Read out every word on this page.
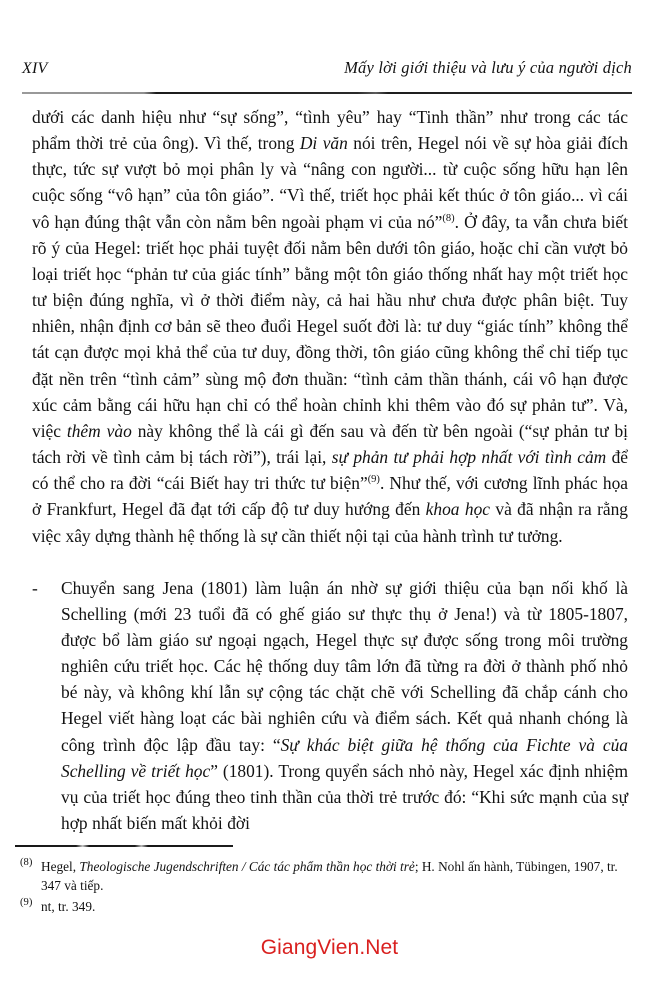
XIV	Mấy lời giới thiệu và lưu ý của người dịch

dưới các danh hiệu như “sự sống”, “tình yêu” hay “Tinh thần” như trong các tác phẩm thời trẻ của ông). Vì thế, trong Di văn nói trên, Hegel nói về sự hòa giải đích thực, tức sự vượt bỏ mọi phân ly và “nâng con người... từ cuộc sống hữu hạn lên cuộc sống “vô hạn” của tôn giáo”. “Vì thế, triết học phải kết thúc ở tôn giáo... vì cái vô hạn đúng thật vẫn còn nằm bên ngoài phạm vi của nó”$^{(8)}$. Ở đây, ta vẫn chưa biết rõ ý của Hegel: triết học phải tuyệt đối nằm bên dưới tôn giáo, hoặc chỉ cần vượt bỏ loại triết học “phản tư của giác tính” bằng một tôn giáo thống nhất hay một triết học tư biện đúng nghĩa, vì ở thời điểm này, cả hai hầu như chưa được phân biệt. Tuy nhiên, nhận định cơ bản sẽ theo đuổi Hegel suốt đời là: tư duy “giác tính” không thể tát cạn được mọi khả thể của tư duy, đồng thời, tôn giáo cũng không thể chỉ tiếp tục đặt nền trên “tình cảm” sùng mộ đơn thuần: “tình cảm thần thánh, cái vô hạn được xúc cảm bằng cái hữu hạn chỉ có thể hoàn chỉnh khi thêm vào đó sự phản tư”. Và, việc thêm vào này không thể là cái gì đến sau và đến từ bên ngoài (“sự phản tư bị tách rời về tình cảm bị tách rời”), trái lại, sự phản tư phải hợp nhất với tình cảm để có thể cho ra đời “cái Biết hay tri thức tư biện”$^{(9)}$. Như thế, với cương lĩnh phác họa ở Frankfurt, Hegel đã đạt tới cấp độ tư duy hướng đến khoa học và đã nhận ra rằng việc xây dựng thành hệ thống là sự cần thiết nội tại của hành trình tư tưởng.

-	Chuyển sang Jena (1801) làm luận án nhờ sự giới thiệu của bạn nối khố là Schelling (mới 23 tuổi đã có ghế giáo sư thực thụ ở Jena!) và từ 1805-1807, được bổ làm giáo sư ngoại ngạch, Hegel thực sự được sống trong môi trường nghiên cứu triết học. Các hệ thống duy tâm lớn đã từng ra đời ở thành phố nhỏ bé này, và không khí lẫn sự cộng tác chặt chẽ với Schelling đã chắp cánh cho Hegel viết hàng loạt các bài nghiên cứu và điểm sách. Kết quả nhanh chóng là công trình độc lập đầu tay: “Sự khác biệt giữa hệ thống của Fichte và của Schelling về triết học” (1801). Trong quyển sách nhỏ này, Hegel xác định nhiệm vụ của triết học đúng theo tinh thần của thời trẻ trước đó: “Khi sức mạnh của sự hợp nhất biến mất khỏi đời

(8) Hegel, Theologische Jugendschriften / Các tác phẩm thần học thời trẻ; H. Nohl ấn hành, Tübingen, 1907, tr. 347 và tiếp.

(9) nt, tr. 349.

GiangVien.Net
